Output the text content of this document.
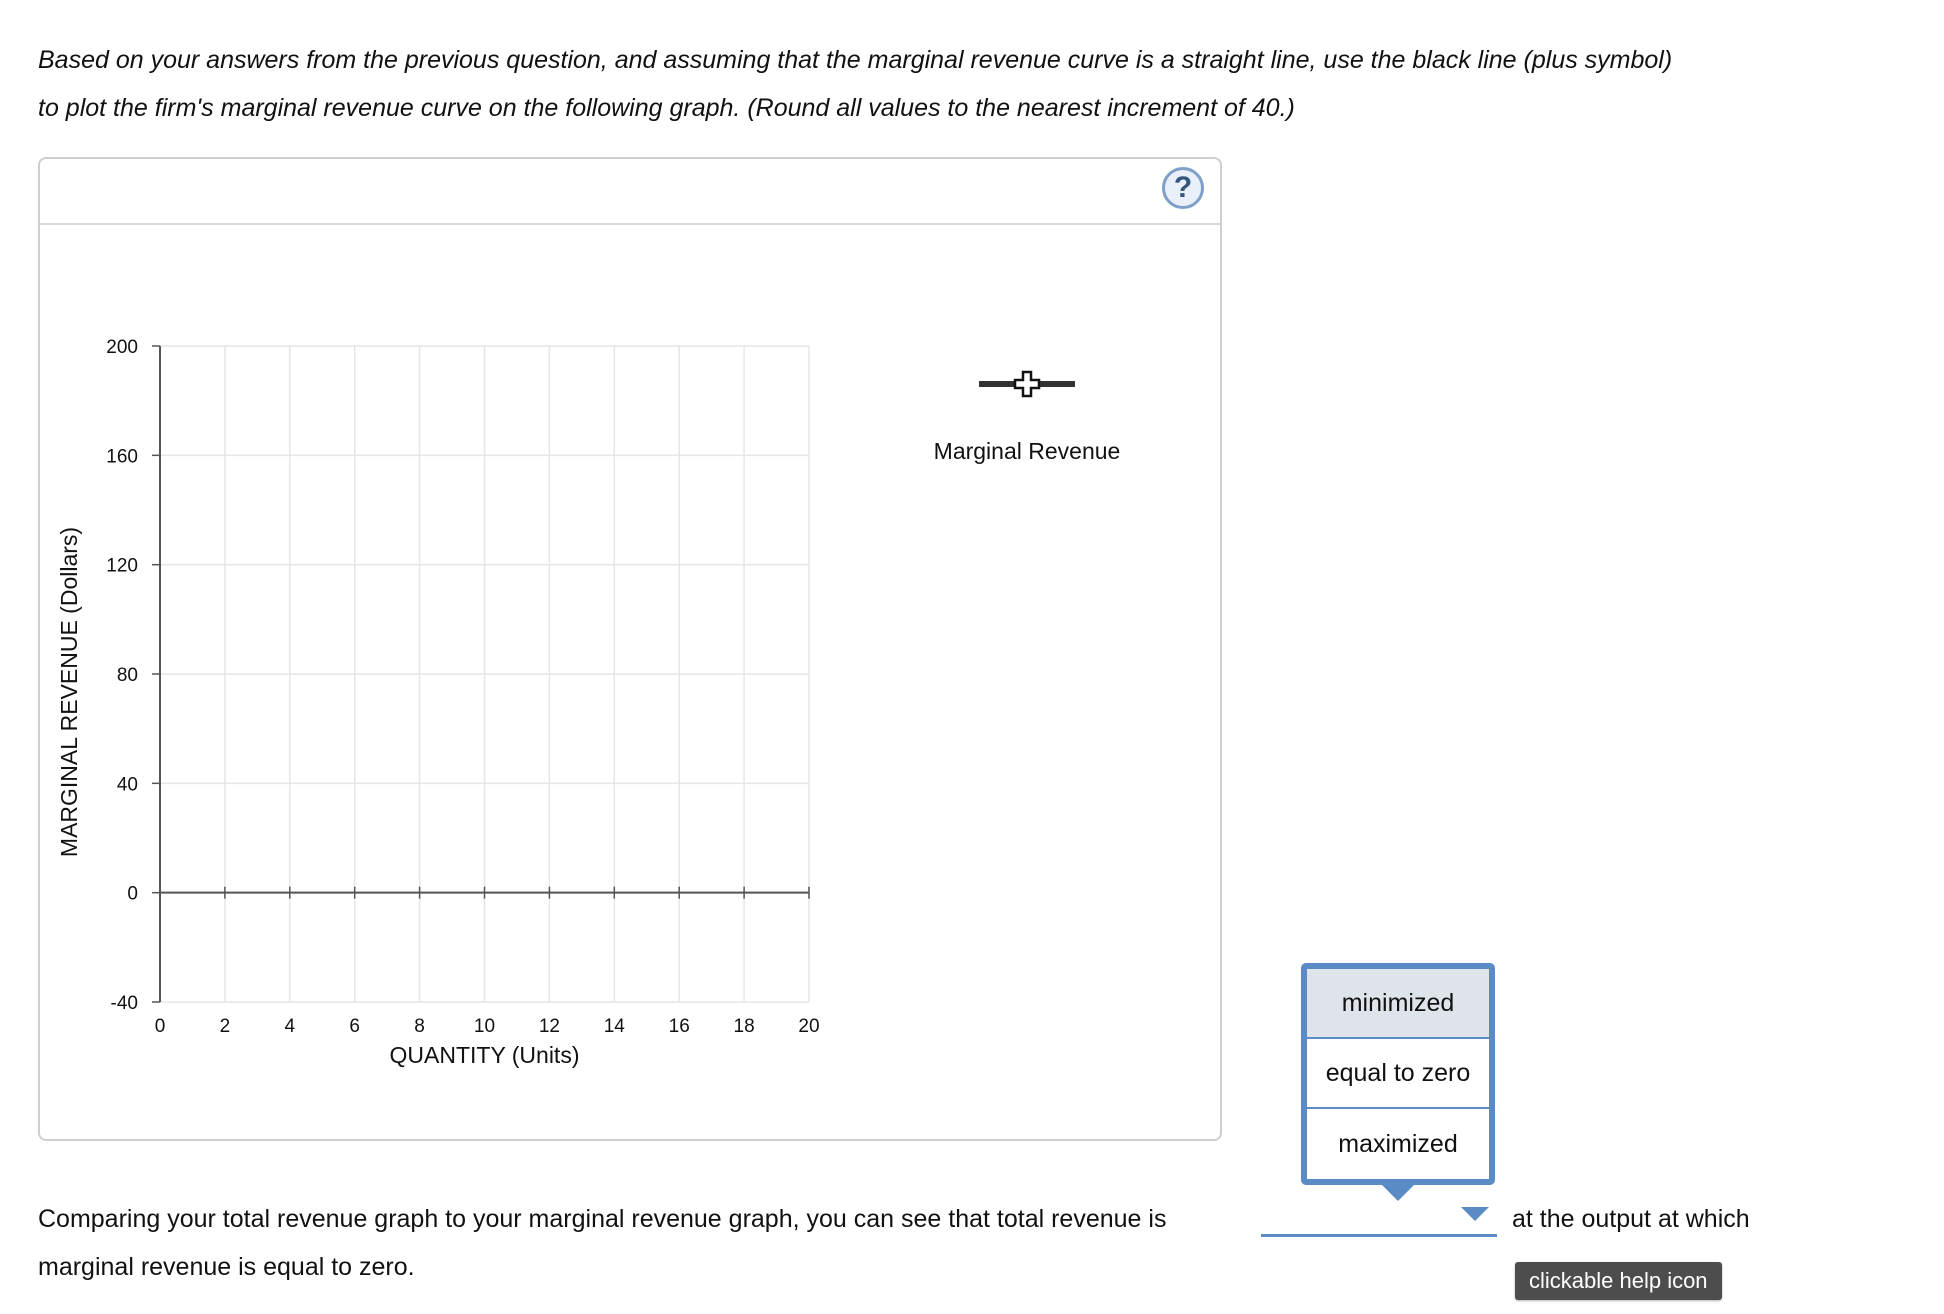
Based on your answers from the previous question, and assuming that the marginal revenue curve is a straight line, use the black line (plus symbol)
to plot the firm's marginal revenue curve on the following graph. (Round all values to the nearest increment of 40.)
?
200
160
120
80
40
0
-40
0	2	4	6	8	10 12 14 16 18 20
QUANTITY (Units)
MARGINAL REVENUE (Dollars)
Marginal Revenue
Comparing your total revenue graph to your marginal revenue graph, you can see that total revenue is
marginal revenue is equal to zero.
at the output at which
minimized
equal to zero
maximized
clickable help icon
